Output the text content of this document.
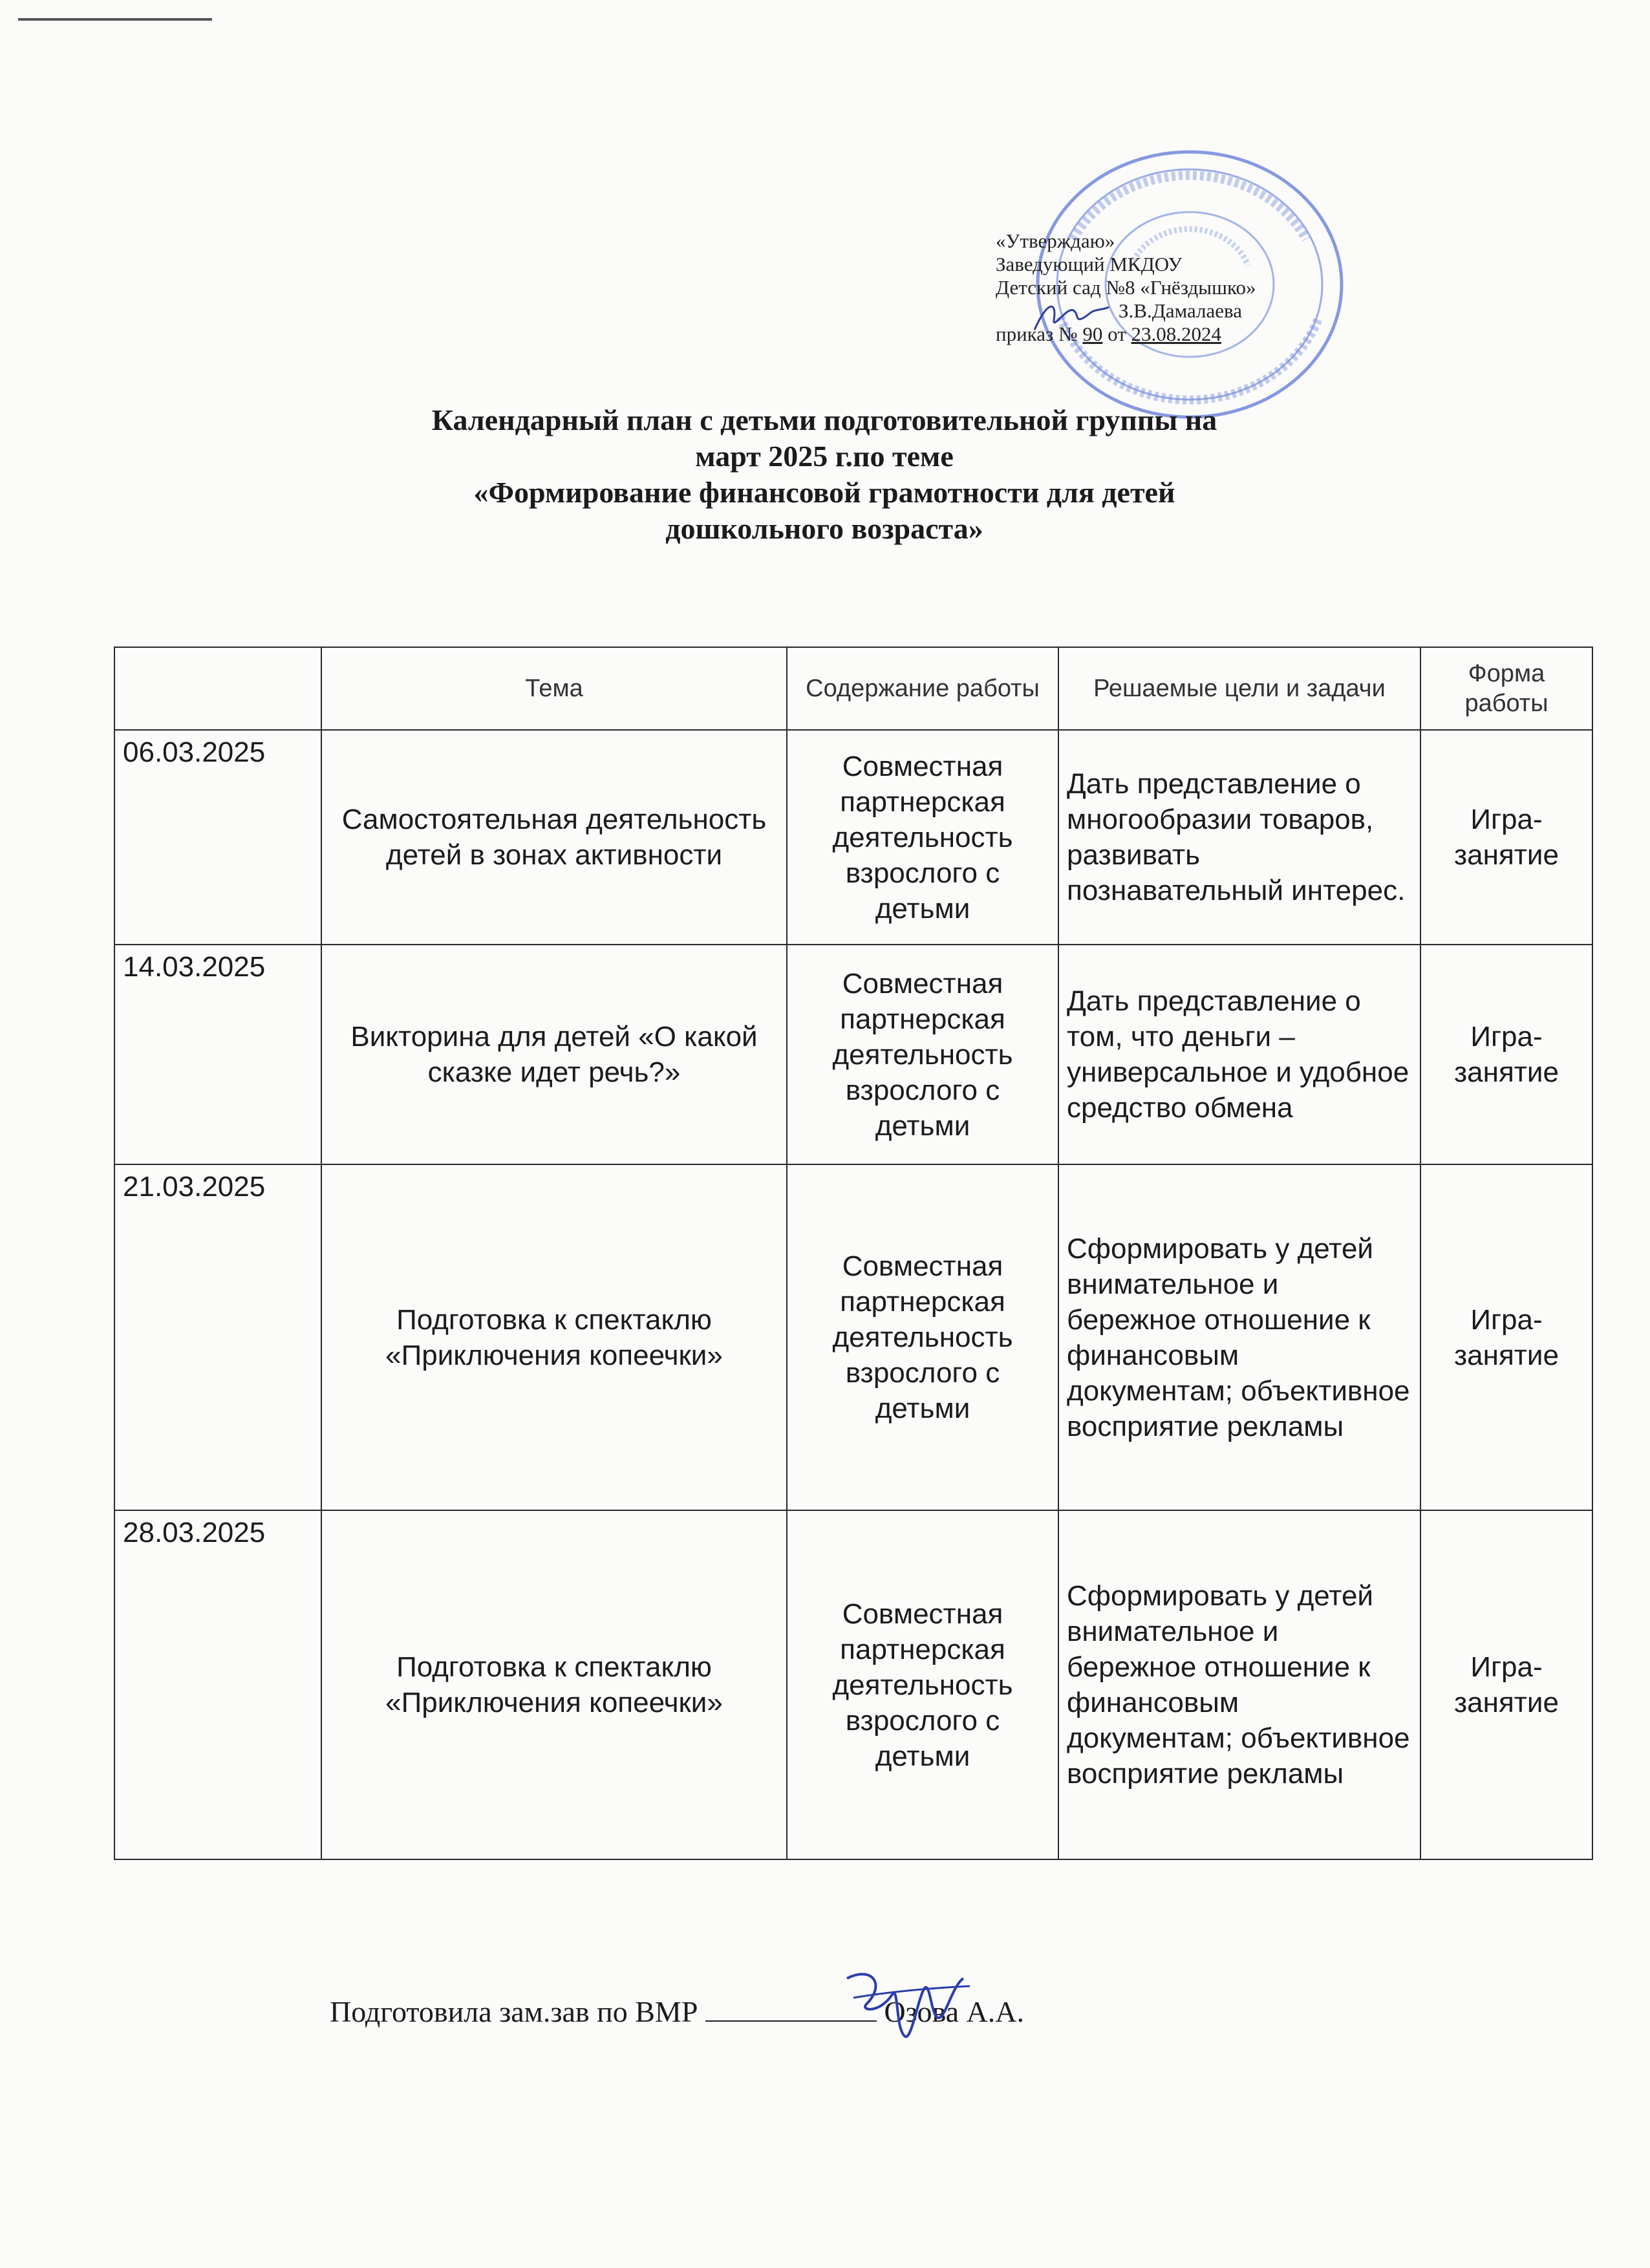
«Утверждаю»
Заведующий МКДОУ
Детский сад №8 «Гнёздышко»
З.В.Дамалаева
приказ № 90 от 23.08.2024
Календарный план с детьми подготовительной группы на
март 2025 г.по теме
«Формирование финансовой грамотности для детей
дошкольного возраста»
	Тема	Содержание работы	Решаемые цели и задачи	Форма работы
06.03.2025	Самостоятельная деятельность детей в зонах активности	Совместная партнерская деятельность взрослого с детьми	Дать представление о многообразии товаров, развивать познавательный интерес.	Игра-занятие
14.03.2025	Викторина для детей «О какой сказке идет речь?»	Совместная партнерская деятельность взрослого с детьми	Дать представление о том, что деньги – универсальное и удобное средство обмена	Игра-занятие
21.03.2025	Подготовка к спектаклю «Приключения копеечки»	Совместная партнерская деятельность взрослого с детьми	Сформировать у детей внимательное и бережное отношение к финансовым документам; объективное восприятие рекламы	Игра-занятие
28.03.2025	Подготовка к спектаклю «Приключения копеечки»	Совместная партнерская деятельность взрослого с детьми	Сформировать у детей внимательное и бережное отношение к финансовым документам; объективное восприятие рекламы	Игра-занятие
Подготовила зам.зав по ВМР	Озова А.А.
